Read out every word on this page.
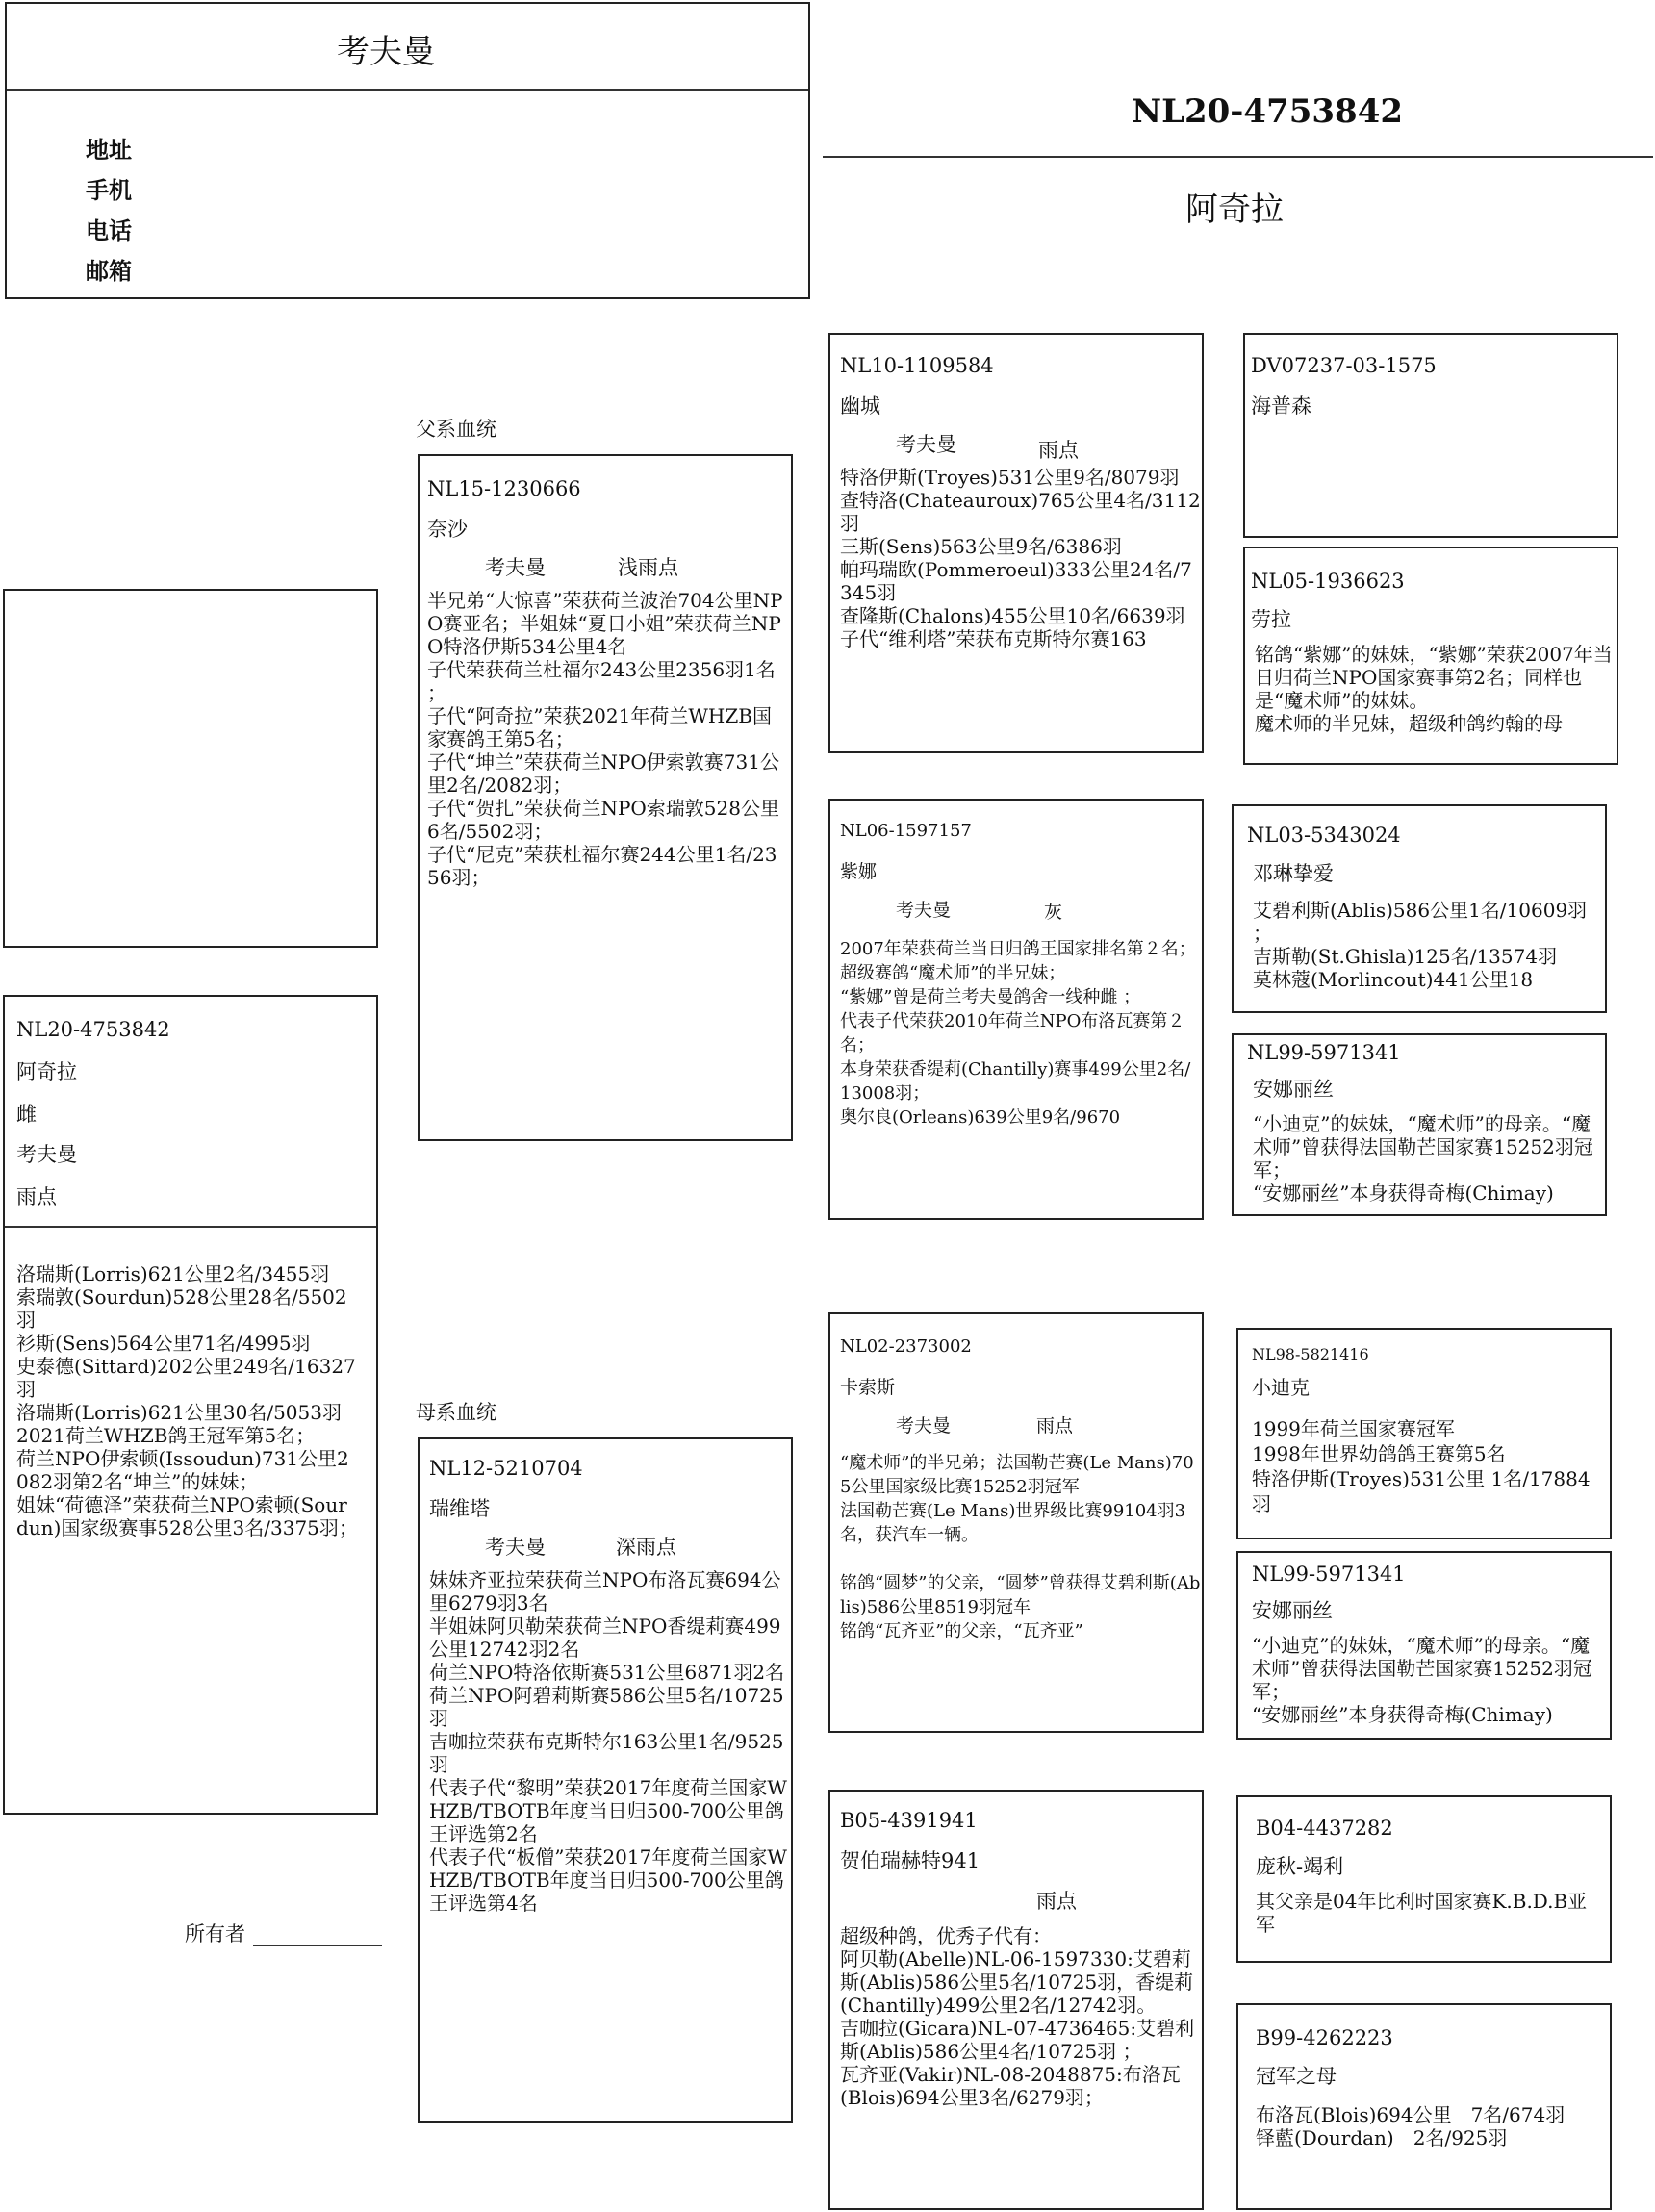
考夫曼
地址
手机
电话
邮箱
NL20-4753842
阿奇拉
NL20-4753842
阿奇拉
雌
考夫曼
雨点
洛瑞斯(Lorris)621公里2名/3455羽
索瑞敦(Sourdun)528公里28名/5502羽
衫斯(Sens)564公里71名/4995羽
史泰德(Sittard)202公里249名/16327羽
洛瑞斯(Lorris)621公里30名/5053羽
2021荷兰WHZB鸽王冠军第5名；
荷兰NPO伊索顿(Issoudun)731公里2082羽第2名“坤兰”的妹妹；
姐妹“荷德泽”荣获荷兰NPO索顿(Sourdun)国家级赛事528公里3名/3375羽；
父系血统
母系血统
所有者
NL15-1230666
奈沙
考夫曼	浅雨点
半兄弟“大惊喜”荣获荷兰波治704公里NPO赛亚名；半姐妹“夏日小姐”荣获荷兰NPO特洛伊斯534公里4名
子代荣获荷兰杜福尔243公里2356羽1名 ；
子代“阿奇拉”荣获2021年荷兰WHZB国家赛鸽王第5名；
子代“坤兰”荣获荷兰NPO伊索敦赛731公里2名/2082羽；
子代“贺扎”荣获荷兰NPO索瑞敦528公里6名/5502羽；
子代“尼克”荣获杜福尔赛244公里1名/2356羽；
NL12-5210704
瑞维塔
考夫曼	深雨点
妹妹齐亚拉荣获荷兰NPO布洛瓦赛694公里6279羽3名
半姐妹阿贝勒荣获荷兰NPO香缇莉赛499公里12742羽2名
荷兰NPO特洛依斯赛531公里6871羽2名
荷兰NPO阿碧莉斯赛586公里5名/10725羽
吉咖拉荣获布克斯特尔163公里1名/9525羽
代表子代“黎明”荣获2017年度荷兰国家WHZB/TBOTB年度当日归500-700公里鸽王评选第2名
代表子代“板僧”荣获2017年度荷兰国家WHZB/TBOTB年度当日归500-700公里鸽王评选第4名
NL10-1109584
幽城
考夫曼	雨点
特洛伊斯(Troyes)531公里9名/8079羽
查特洛(Chateauroux)765公里4名/3112羽
三斯(Sens)563公里9名/6386羽
帕玛瑞欧(Pommeroeul)333公里24名/7345羽
查隆斯(Chalons)455公里10名/6639羽
子代“维利塔”荣获布克斯特尔赛163
NL06-1597157
紫娜
考夫曼	灰
2007年荣获荷兰当日归鸽王国家排名第２名；
超级赛鸽“魔术师”的半兄妹；
“紫娜”曾是荷兰考夫曼鸽舍一线种雌 ；
代表子代荣获2010年荷兰NPO布洛瓦赛第２名；
本身荣获香缇莉(Chantilly)赛事499公里2名/13008羽；
奥尔良(Orleans)639公里9名/9670
NL02-2373002
卡索斯
考夫曼	雨点
“魔术师”的半兄弟；法国勒芒赛(Le Mans)705公里国家级比赛15252羽冠军
法国勒芒赛(Le Mans)世界级比赛99104羽3名，获汽车一辆。

铭鸽“圆梦”的父亲，“圆梦”曾获得艾碧利斯(Ablis)586公里8519羽冠车
铭鸽“瓦齐亚”的父亲，“瓦齐亚”
B05-4391941
贺伯瑞赫特941
雨点
超级种鸽，优秀子代有：
阿贝勒(Abelle)NL-06-1597330:艾碧莉斯(Ablis)586公里5名/10725羽，香缇莉(Chantilly)499公里2名/12742羽。
吉咖拉(Gicara)NL-07-4736465:艾碧利斯(Ablis)586公里4名/10725羽 ；
瓦齐亚(Vakir)NL-08-2048875:布洛瓦(Blois)694公里3名/6279羽；
DV07237-03-1575
海普森
NL05-1936623
劳拉
铭鸽“紫娜”的妹妹，“紫娜”荣获2007年当日归荷兰NPO国家赛事第2名；同样也是“魔术师”的妹妹。
魔术师的半兄妹，超级种鸽约翰的母
NL03-5343024
邓琳挚爱
艾碧利斯(Ablis)586公里1名/10609羽 ；
吉斯勒(St.Ghisla)125名/13574羽
莫林蔻(Morlincout)441公里18
NL99-5971341
安娜丽丝
“小迪克”的妹妹，“魔术师”的母亲。“魔术师”曾获得法国勒芒国家赛15252羽冠军；
“安娜丽丝”本身获得奇梅(Chimay)
NL98-5821416
小迪克
1999年荷兰国家赛冠军
1998年世界幼鸽鸽王赛第5名
特洛伊斯(Troyes)531公里 1名/17884羽
NL99-5971341
安娜丽丝
“小迪克”的妹妹，“魔术师”的母亲。“魔术师”曾获得法国勒芒国家赛15252羽冠军；
“安娜丽丝”本身获得奇梅(Chimay)
B04-4437282
庞秋-竭利
其父亲是04年比利时国家赛K.B.D.B亚军
B99-4262223
冠军之母
布洛瓦(Blois)694公里　7名/674羽
铎藍(Dourdan)　2名/925羽
